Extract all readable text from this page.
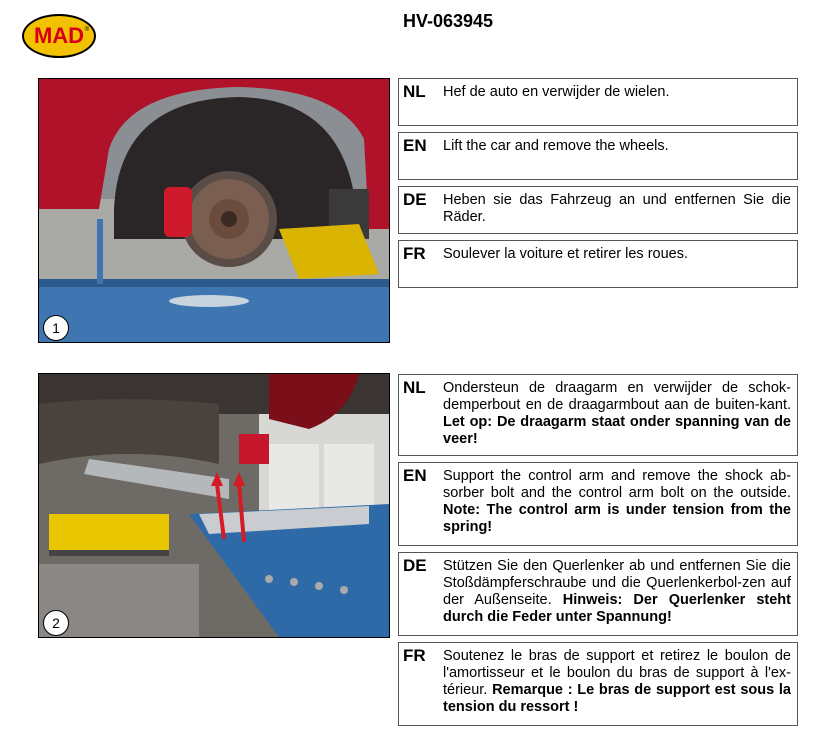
MAD ®	HV-063945
1
NL Hef de auto en verwijder de wielen.
EN Lift the car and remove the wheels.
DE Heben sie das Fahrzeug an und entfernen Sie die Räder.
FR Soulever la voiture et retirer les roues.
2
NL Ondersteun de draagarm en verwijder de schok-demperbout en de draagarmbout aan de buiten-kant. Let op: De draagarm staat onder spanning van de veer!
EN Support the control arm and remove the shock ab-sorber bolt and the control arm bolt on the outside. Note: The control arm is under tension from the spring!
DE Stützen Sie den Querlenker ab und entfernen Sie die Stoßdämpferschraube und die Querlenkerbol-zen auf der Außenseite. Hinweis: Der Querlenker steht durch die Feder unter Spannung!
FR Soutenez le bras de support et retirez le boulon de l'amortisseur et le boulon du bras de support à l'ex-térieur. Remarque : Le bras de support est sous la tension du ressort !
